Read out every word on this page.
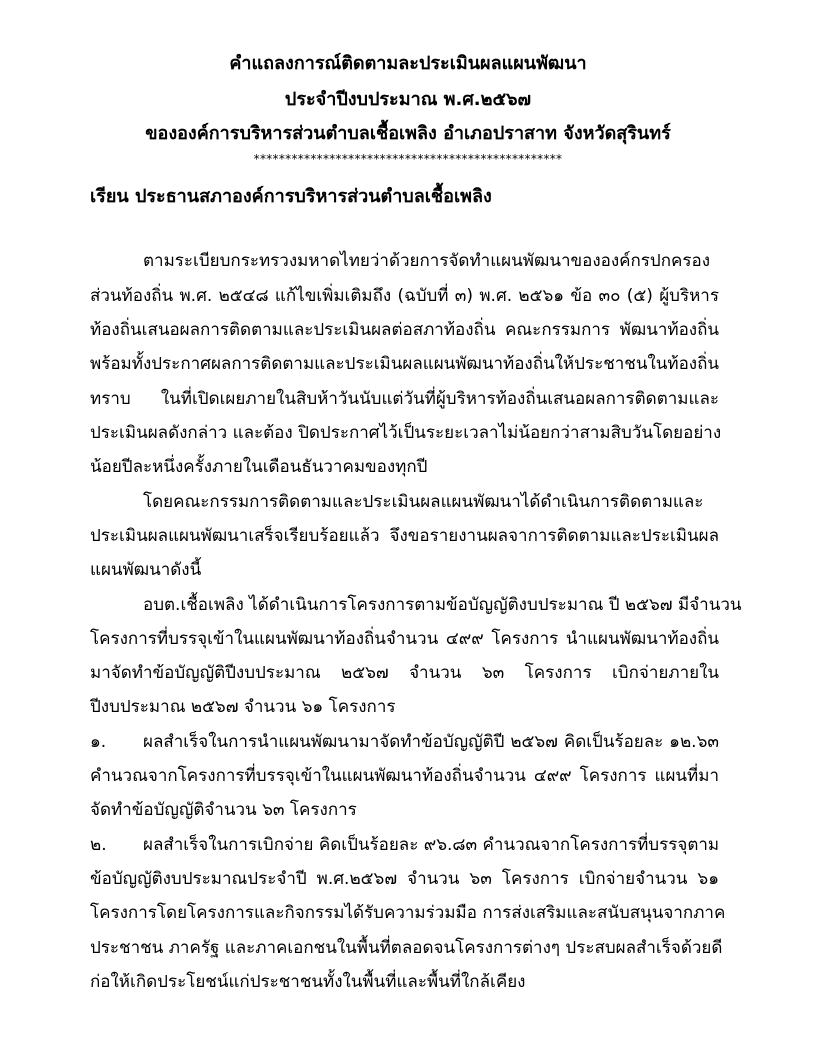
คำแถลงการณ์ติดตามละประเมินผลแผนพัฒนา
ประจำปีงบประมาณ พ.ศ.๒๕๖๗
ขององค์การบริหารส่วนตำบลเชื้อเพลิง อำเภอปราสาท จังหวัดสุรินทร์
*************************************************
เรียน ประธานสภาองค์การบริหารส่วนตำบลเชื้อเพลิง
ตามระเบียบกระทรวงมหาดไทยว่าด้วยการจัดทำแผนพัฒนาขององค์กรปกครอง
ส่วนท้องถิ่น พ.ศ. ๒๕๔๘ แก้ไขเพิ่มเติมถึง (ฉบับที่ ๓) พ.ศ. ๒๕๖๑ ข้อ ๓๐ (๕) ผู้บริหาร
ท้องถิ่นเสนอผลการติดตามและประเมินผลต่อสภาท้องถิ่น คณะกรรมการ พัฒนาท้องถิ่น
พร้อมทั้งประกาศผลการติดตามและประเมินผลแผนพัฒนาท้องถิ่นให้ประชาชนในท้องถิ่น
ทราบ ในที่เปิดเผยภายในสิบห้าวันนับแต่วันที่ผู้บริหารท้องถิ่นเสนอผลการติดตามและ
ประเมินผลดังกล่าว และต้อง ปิดประกาศไว้เป็นระยะเวลาไม่น้อยกว่าสามสิบวันโดยอย่าง
น้อยปีละหนึ่งครั้งภายในเดือนธันวาคมของทุกปี
โดยคณะกรรมการติดตามและประเมินผลแผนพัฒนาได้ดำเนินการติดตามและ
ประเมินผลแผนพัฒนาเสร็จเรียบร้อยแล้ว จึงขอรายงานผลจาการติดตามและประเมินผล
แผนพัฒนาดังนี้
อบต.เชื้อเพลิง ได้ดำเนินการโครงการตามข้อบัญญัติงบประมาณ ปี ๒๕๖๗ มีจำนวน
โครงการที่บรรจุเข้าในแผนพัฒนาท้องถิ่นจำนวน ๔๙๙ โครงการ นำแผนพัฒนาท้องถิ่น
มาจัดทำข้อบัญญัติปีงบประมาณ ๒๕๖๗ จำนวน ๖๓ โครงการ เบิกจ่ายภายใน
ปีงบประมาณ ๒๕๖๗ จำนวน ๖๑ โครงการ
๑. ผลสำเร็จในการนำแผนพัฒนามาจัดทำข้อบัญญัติปี ๒๕๖๗ คิดเป็นร้อยละ ๑๒.๖๓
คำนวณจากโครงการที่บรรจุเข้าในแผนพัฒนาท้องถิ่นจำนวน ๔๙๙ โครงการ แผนที่มา
จัดทำข้อบัญญัติจำนวน ๖๓ โครงการ
๒. ผลสำเร็จในการเบิกจ่าย คิดเป็นร้อยละ ๙๖.๘๓ คำนวณจากโครงการที่บรรจุตาม
ข้อบัญญัติงบประมาณประจำปี พ.ศ.๒๕๖๗ จำนวน ๖๓ โครงการ เบิกจ่ายจำนวน ๖๑
โครงการโดยโครงการและกิจกรรมได้รับความร่วมมือ การส่งเสริมและสนับสนุนจากภาค
ประชาชน ภาครัฐ และภาคเอกชนในพื้นที่ตลอดจนโครงการต่างๆ ประสบผลสำเร็จด้วยดี
ก่อให้เกิดประโยชน์แก่ประชาชนทั้งในพื้นที่และพื้นที่ใกล้เคียง
